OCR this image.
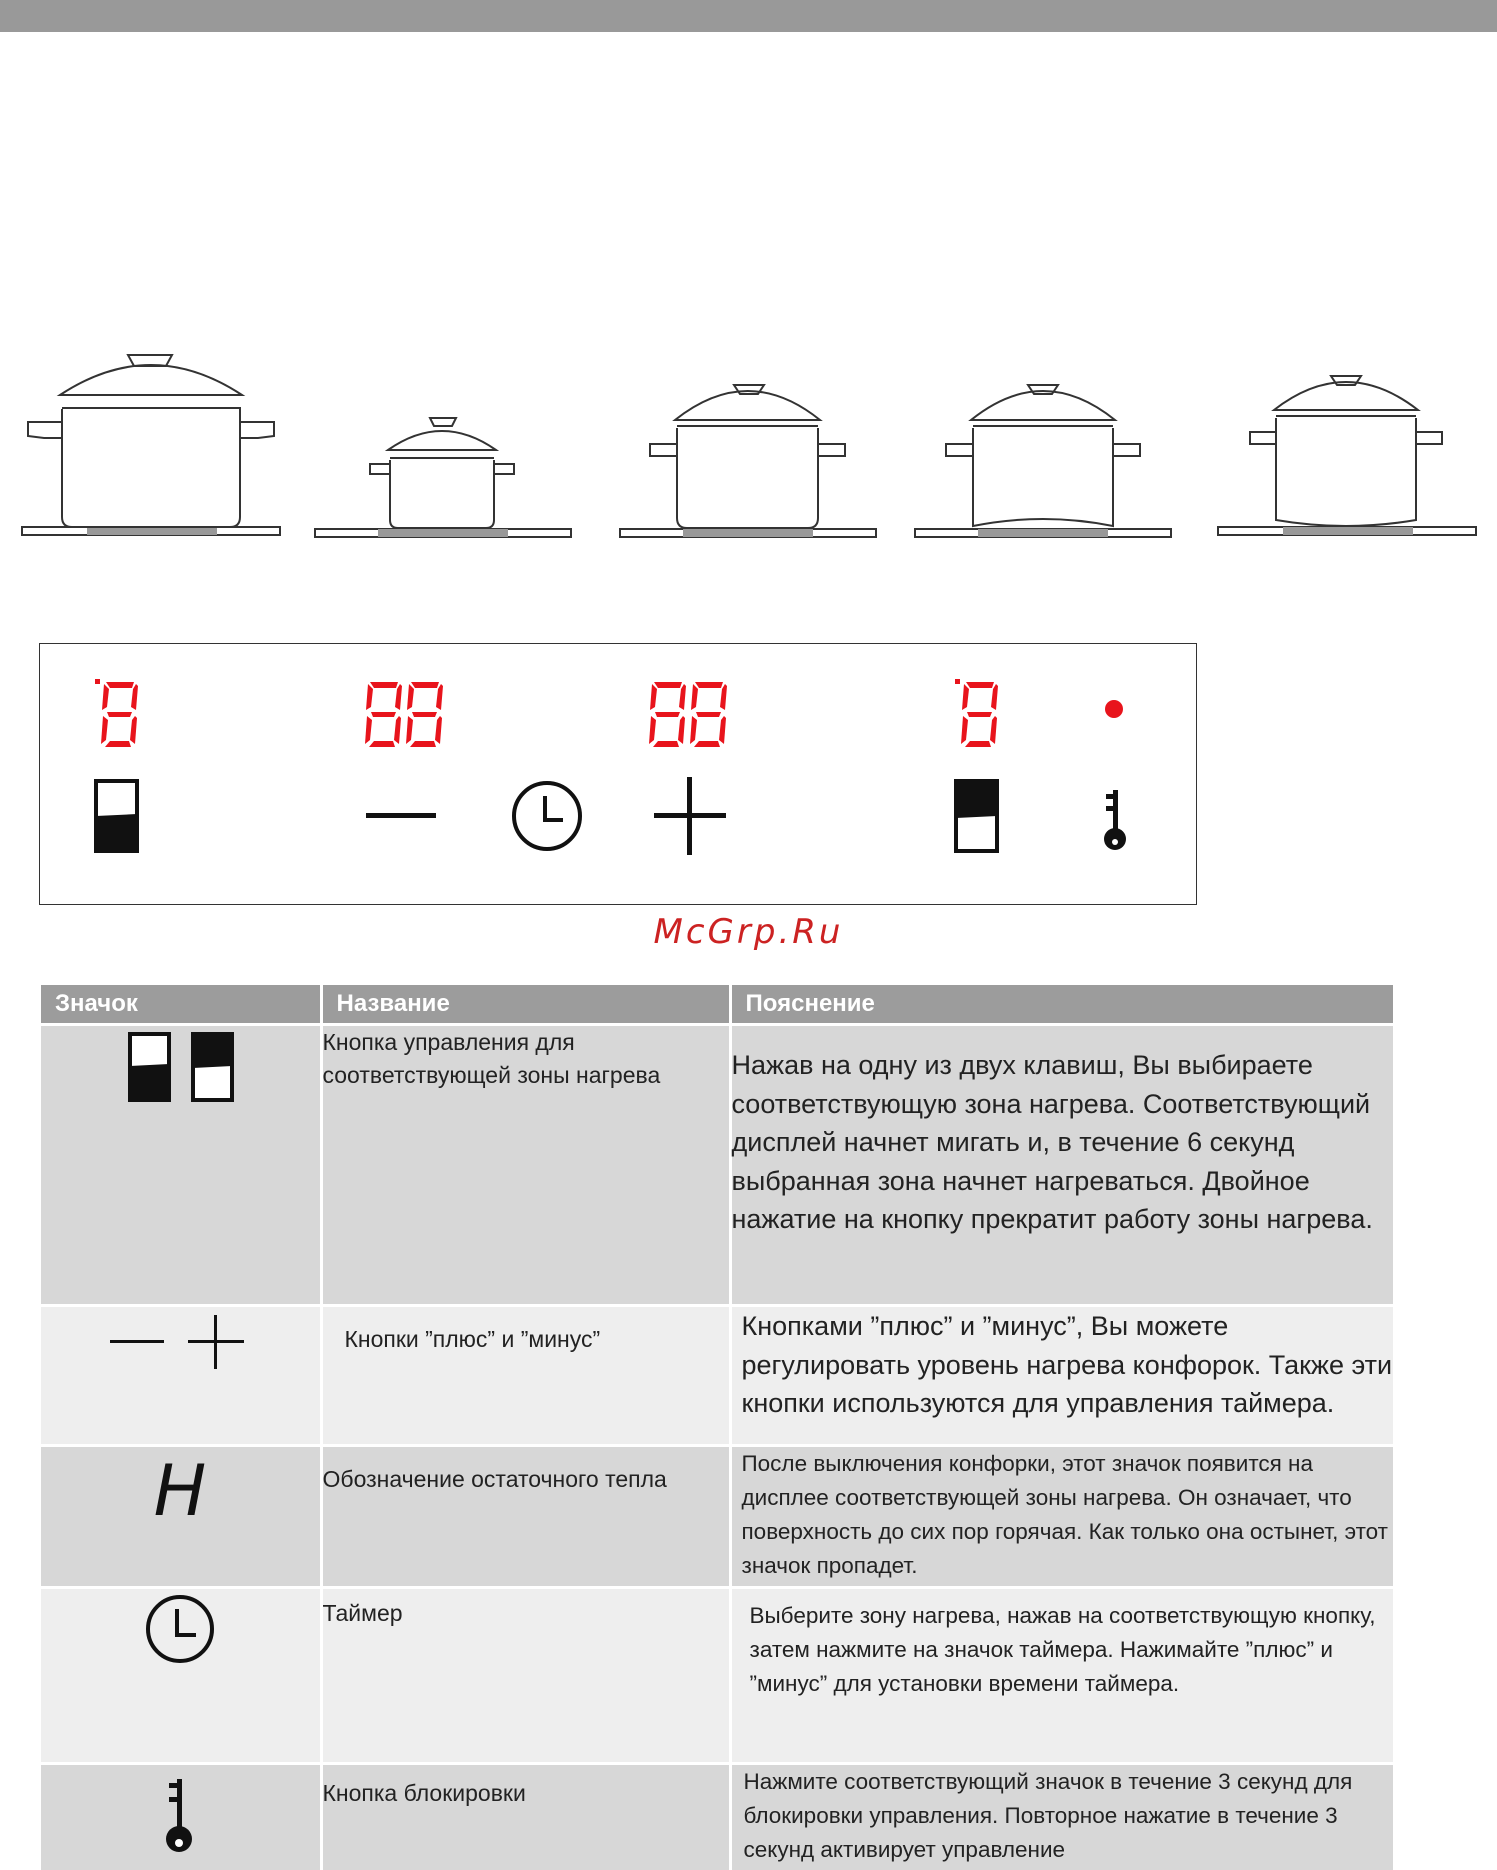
McGrp.Ru
Значок	Название	Пояснение
	Кнопка управления для соответствующей зоны нагрева	Нажав на одну из двух клавиш, Вы выбираете соответствующую зона нагрева. Соответствующий дисплей начнет мигать и, в течение 6 секунд выбранная зона начнет нагреваться. Двойное нажатие на кнопку прекратит работу зоны нагрева.
	Кнопки ”плюс” и ”минус”	Кнопками ”плюс” и ”минус”, Вы можете регулировать уровень нагрева конфорок. Также эти кнопки используются для управления таймера.

H	Обозначение остаточного тепла	После выключения конфорки, этот значок появится на дисплее соответствующей зоны нагрева. Он означает, что поверхность до сих пор горячая. Как только она остынет, этот значок пропадет.
	Таймер	Выберите зону нагрева, нажав на соответствующую кнопку, затем нажмите на значок таймера. Нажимайте ”плюс” и ”минус” для установки времени таймера.
	Кнопка блокировки	Нажмите соответствующий значок в течение 3 секунд для блокировки управления. Повторное нажатие в течение 3 секунд активирует управление
